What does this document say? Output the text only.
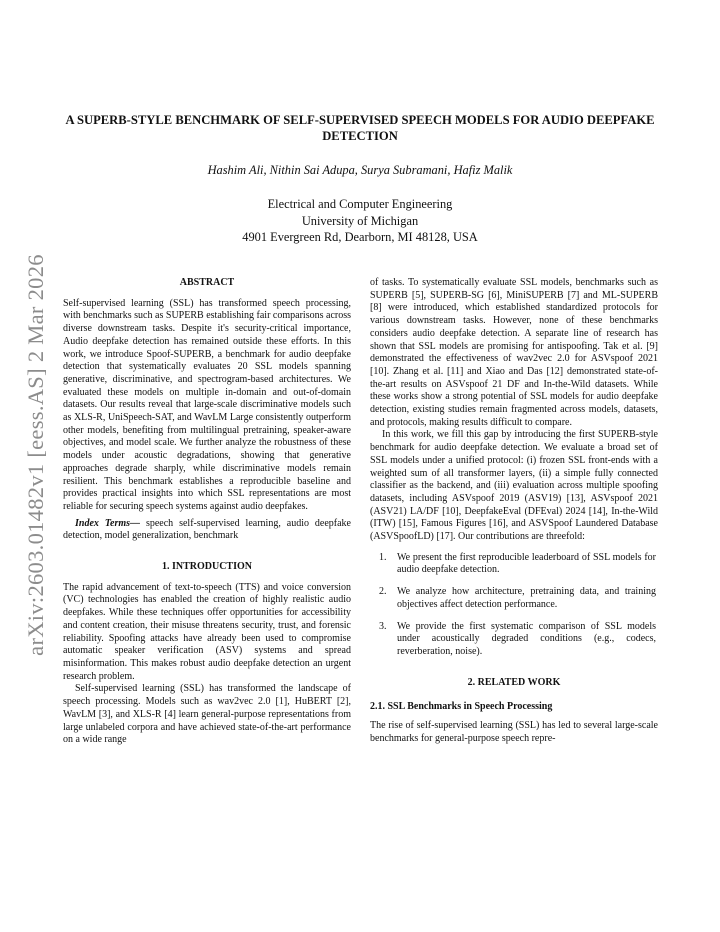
arXiv:2603.01482v1 [eess.AS] 2 Mar 2026
A SUPERB-STYLE BENCHMARK OF SELF-SUPERVISED SPEECH MODELS FOR AUDIO DEEPFAKE DETECTION
Hashim Ali, Nithin Sai Adupa, Surya Subramani, Hafiz Malik
Electrical and Computer Engineering
University of Michigan
4901 Evergreen Rd, Dearborn, MI 48128, USA
ABSTRACT

Self-supervised learning (SSL) has transformed speech processing, with benchmarks such as SUPERB establishing fair comparisons across diverse downstream tasks. Despite it's security-critical importance, Audio deepfake detection has remained outside these efforts. In this work, we introduce Spoof-SUPERB, a benchmark for audio deepfake detection that systematically evaluates 20 SSL models spanning generative, discriminative, and spectrogram-based architectures. We evaluated these models on multiple in-domain and out-of-domain datasets. Our results reveal that large-scale discriminative models such as XLS-R, UniSpeech-SAT, and WavLM Large consistently outperform other models, benefiting from multilingual pretraining, speaker-aware objectives, and model scale. We further analyze the robustness of these models under acoustic degradations, showing that generative approaches degrade sharply, while discriminative models remain resilient. This benchmark establishes a reproducible baseline and provides practical insights into which SSL representations are most reliable for securing speech systems against audio deepfakes.

Index Terms— speech self-supervised learning, audio deepfake detection, model generalization, benchmark

1. INTRODUCTION

The rapid advancement of text-to-speech (TTS) and voice conversion (VC) technologies has enabled the creation of highly realistic audio deepfakes. While these techniques offer opportunities for accessibility and content creation, their misuse threatens security, trust, and forensic reliability. Spoofing attacks have already been used to compromise automatic speaker verification (ASV) systems and spread misinformation. This makes robust audio deepfake detection an urgent research problem.

Self-supervised learning (SSL) has transformed the landscape of speech processing. Models such as wav2vec 2.0 [1], HuBERT [2], WavLM [3], and XLS-R [4] learn general-purpose representations from large unlabeled corpora and have achieved state-of-the-art performance on a wide range

of tasks. To systematically evaluate SSL models, benchmarks such as SUPERB [5], SUPERB-SG [6], MiniSUPERB [7] and ML-SUPERB [8] were introduced, which established standardized protocols for various downstream tasks. However, none of these benchmarks considers audio deepfake detection. A separate line of research has shown that SSL models are promising for antispoofing. Tak et al. [9] demonstrated the effectiveness of wav2vec 2.0 for ASVspoof 2021 [10]. Zhang et al. [11] and Xiao and Das [12] demonstrated state-of-the-art results on ASVspoof 21 DF and In-the-Wild datasets. While these works show a strong potential of SSL models for audio deepfake detection, existing studies remain fragmented across models, datasets, and protocols, making results difficult to compare.

In this work, we fill this gap by introducing the first SUPERB-style benchmark for audio deepfake detection. We evaluate a broad set of SSL models under a unified protocol: (i) frozen SSL front-ends with a weighted sum of all transformer layers, (ii) a simple fully connected classifier as the backend, and (iii) evaluation across multiple spoofing datasets, including ASVspoof 2019 (ASV19) [13], ASVspoof 2021 (ASV21) LA/DF [10], DeepfakeEval (DFEval) 2024 [14], In-the-Wild (ITW) [15], Famous Figures [16], and ASVSpoof Laundered Database (ASVSpoofLD) [17]. Our contributions are threefold:

1.	We present the first reproducible leaderboard of SSL models for audio deepfake detection.
2.	We analyze how architecture, pretraining data, and training objectives affect detection performance.
3.	We provide the first systematic comparison of SSL models under acoustically degraded conditions (e.g., codecs, reverberation, noise).
2. RELATED WORK
2.1. SSL Benchmarks in Speech Processing

The rise of self-supervised learning (SSL) has led to several large-scale benchmarks for general-purpose speech repre-
